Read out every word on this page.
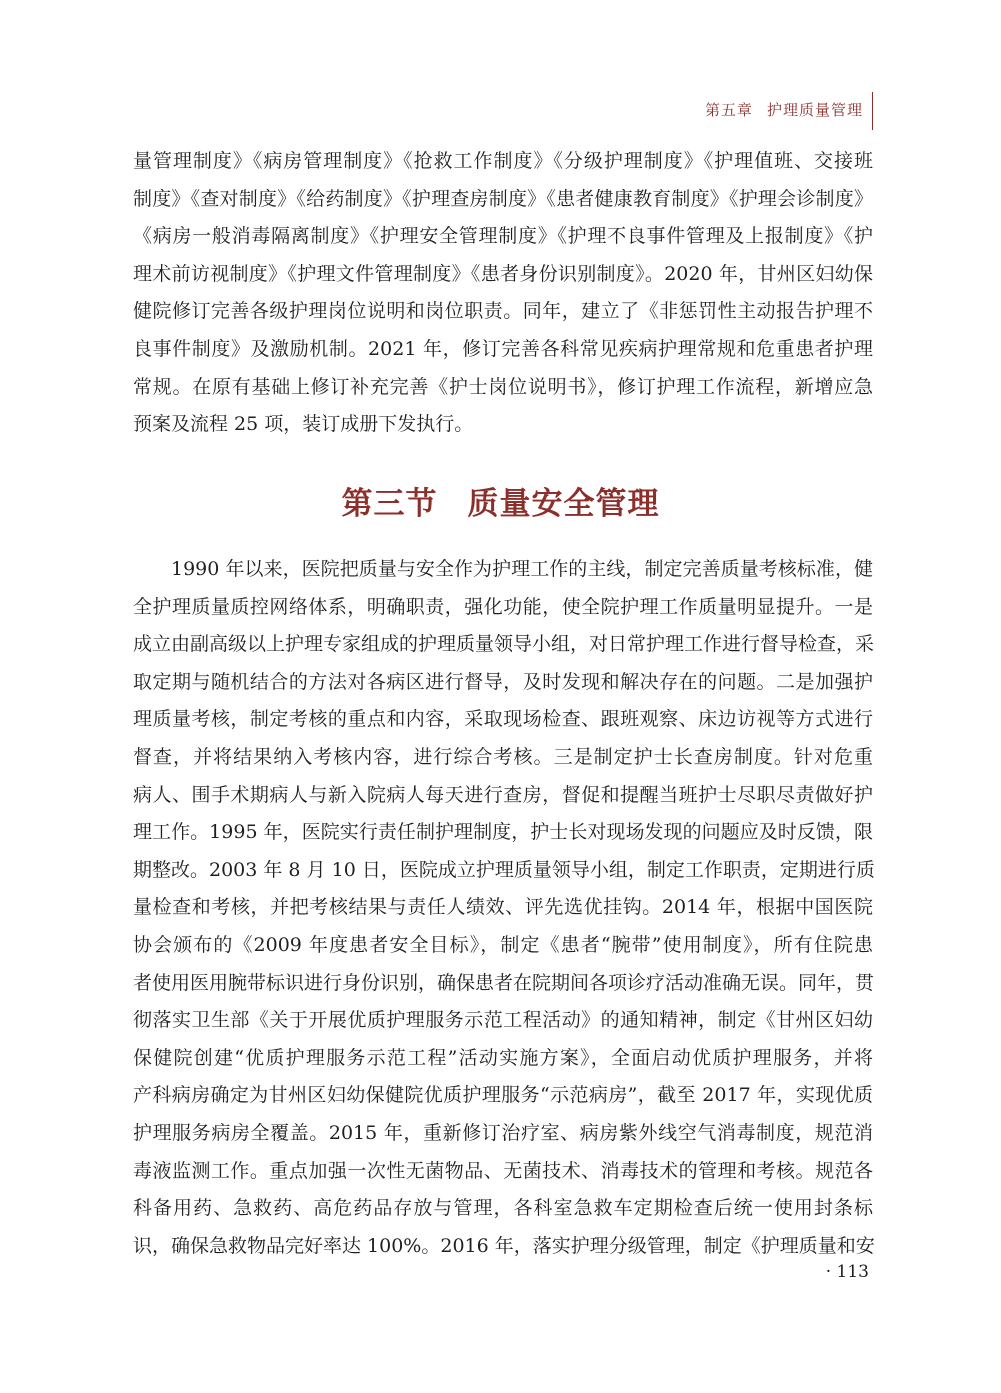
第五章 护理质量管理
量管理制度》《病房管理制度》《抢救工作制度》《分级护理制度》《护理值班、交接班
制度》《查对制度》《给药制度》《护理查房制度》《患者健康教育制度》《护理会诊制度》
《病房一般消毒隔离制度》《护理安全管理制度》《护理不良事件管理及上报制度》《护
理术前访视制度》《护理文件管理制度》《患者身份识别制度》。2020 年，甘州区妇幼保
健院修订完善各级护理岗位说明和岗位职责。同年，建立了《非惩罚性主动报告护理不
良事件制度》及激励机制。2021 年，修订完善各科常见疾病护理常规和危重患者护理
常规。在原有基础上修订补充完善《护士岗位说明书》，修订护理工作流程，新增应急
预案及流程 25 项，装订成册下发执行。
第三节 质量安全管理
1990 年以来，医院把质量与安全作为护理工作的主线，制定完善质量考核标准，健
全护理质量质控网络体系，明确职责，强化功能，使全院护理工作质量明显提升。一是
成立由副高级以上护理专家组成的护理质量领导小组，对日常护理工作进行督导检查，采
取定期与随机结合的方法对各病区进行督导，及时发现和解决存在的问题。二是加强护
理质量考核，制定考核的重点和内容，采取现场检查、跟班观察、床边访视等方式进行
督查，并将结果纳入考核内容，进行综合考核。三是制定护士长查房制度。针对危重
病人、围手术期病人与新入院病人每天进行查房，督促和提醒当班护士尽职尽责做好护
理工作。1995 年，医院实行责任制护理制度，护士长对现场发现的问题应及时反馈，限
期整改。2003 年 8 月 10 日，医院成立护理质量领导小组，制定工作职责，定期进行质
量检查和考核，并把考核结果与责任人绩效、评先选优挂钩。2014 年，根据中国医院
协会颁布的《2009 年度患者安全目标》，制定《患者“腕带”使用制度》，所有住院患
者使用医用腕带标识进行身份识别，确保患者在院期间各项诊疗活动准确无误。同年，贯
彻落实卫生部《关于开展优质护理服务示范工程活动》的通知精神，制定《甘州区妇幼
保健院创建“优质护理服务示范工程”活动实施方案》，全面启动优质护理服务，并将
产科病房确定为甘州区妇幼保健院优质护理服务“示范病房”，截至 2017 年，实现优质
护理服务病房全覆盖。2015 年，重新修订治疗室、病房紫外线空气消毒制度，规范消
毒液监测工作。重点加强一次性无菌物品、无菌技术、消毒技术的管理和考核。规范各
科备用药、急救药、高危药品存放与管理，各科室急救车定期检查后统一使用封条标
识，确保急救物品完好率达 100%。2016 年，落实护理分级管理，制定《护理质量和安
· 113
